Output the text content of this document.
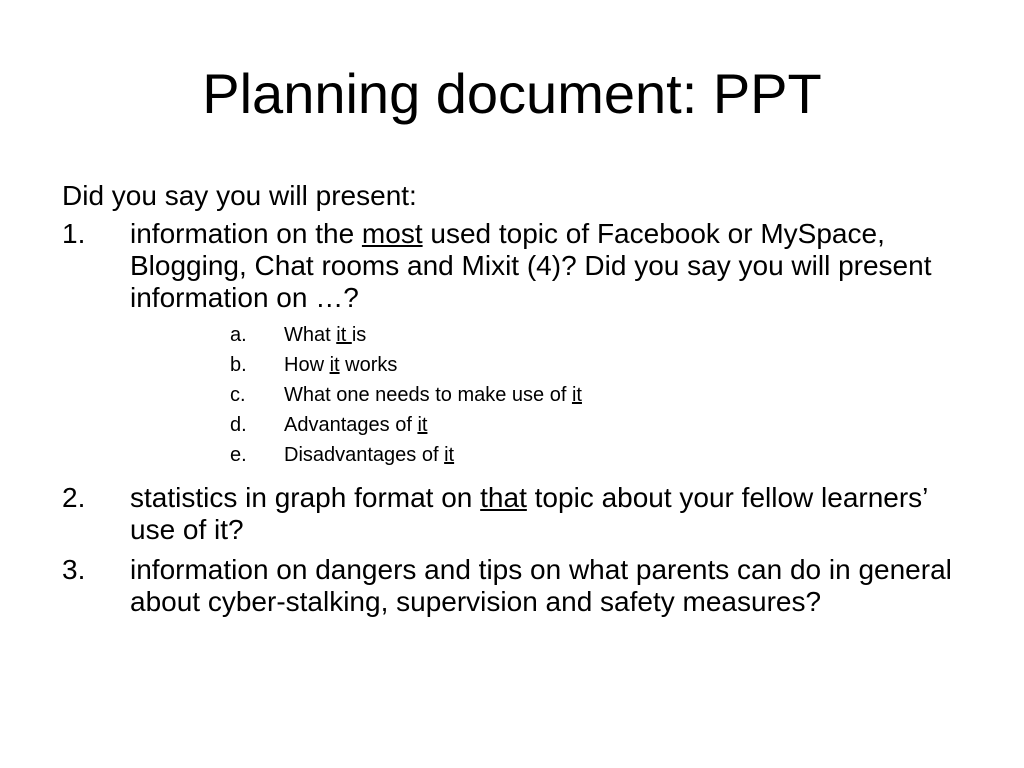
Planning document: PPT

Did you say you will present:

1. information on the most used topic of Facebook or MySpace, Blogging, Chat rooms and Mixit (4)? Did you say you will present information on …?
a. What it is
b. How it works
c. What one needs to make use of it
d. Advantages of it
e. Disadvantages of it
2. statistics in graph format on that topic about your fellow learners’ use of it?
3. information on dangers and tips on what parents can do in general about cyber-stalking, supervision and safety measures?
